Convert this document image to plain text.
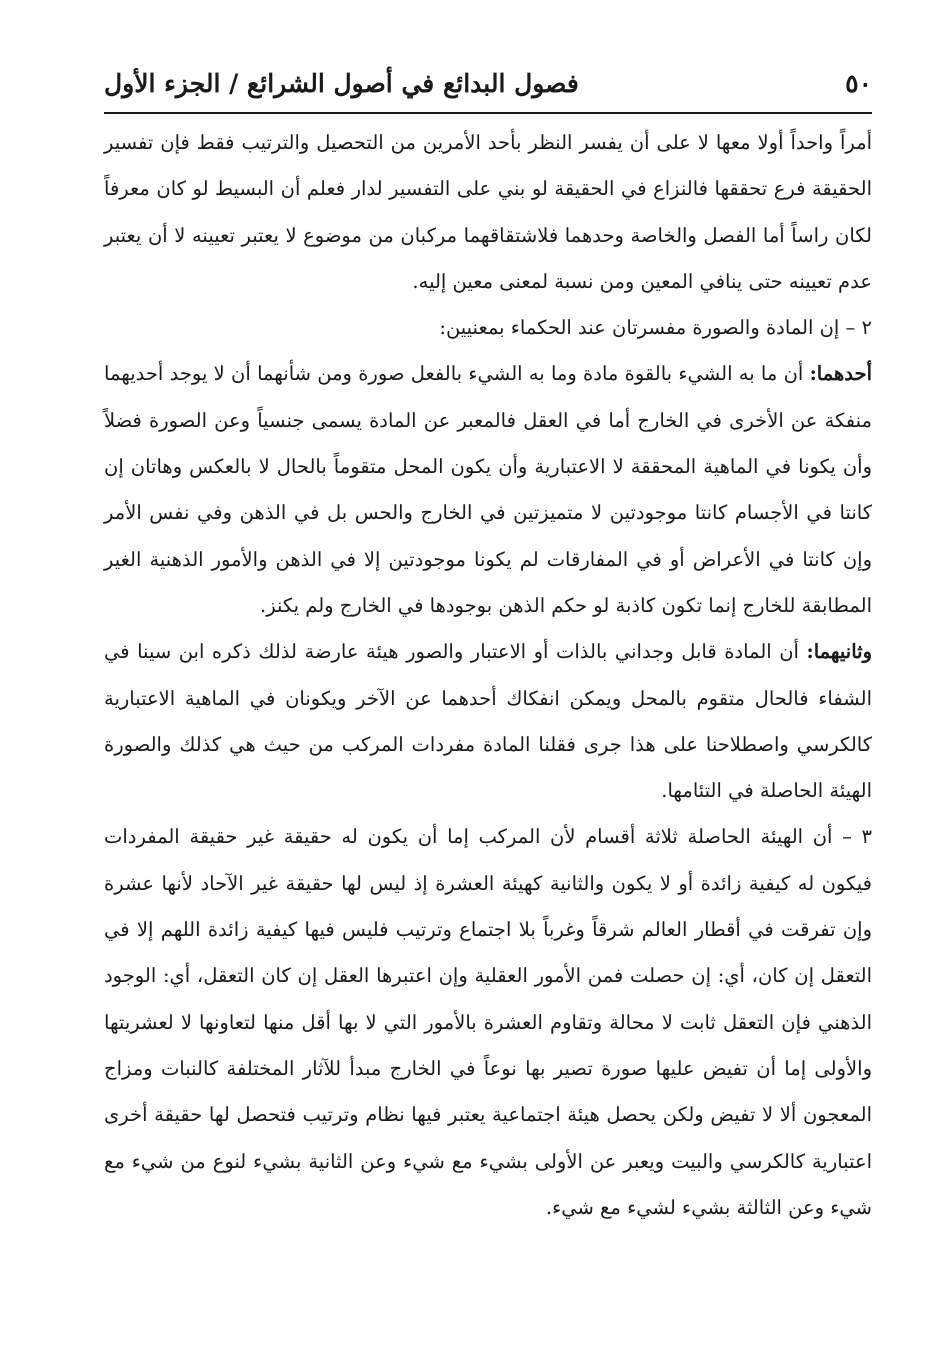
٥٠
فصول البدائع في أصول الشرائع / الجزء الأول

أمراً واحداً أولا معها لا على أن يفسر النظر بأحد الأمرين من التحصيل والترتيب فقط فإن تفسير الحقيقة فرع تحققها فالنزاع في الحقيقة لو بني على التفسير لدار فعلم أن البسيط لو كان معرفاً لكان راساً أما الفصل والخاصة وحدهما فلاشتقاقهما مركبان من موضوع لا يعتبر تعيينه لا أن يعتبر عدم تعيينه حتى ينافي المعين ومن نسبة لمعنى معين إليه.

٢ – إن المادة والصورة مفسرتان عند الحكماء بمعنيين:

أحدهما: أن ما به الشيء بالقوة مادة وما به الشيء بالفعل صورة ومن شأنهما أن لا يوجد أحديهما منفكة عن الأخرى في الخارج أما في العقل فالمعبر عن المادة يسمى جنسياً وعن الصورة فضلاً وأن يكونا في الماهية المحققة لا الاعتبارية وأن يكون المحل متقوماً بالحال لا بالعكس وهاتان إن كانتا في الأجسام كانتا موجودتين لا متميزتين في الخارج والحس بل في الذهن وفي نفس الأمر وإن كانتا في الأعراض أو في المفارقات لم يكونا موجودتين إلا في الذهن والأمور الذهنية الغير المطابقة للخارج إنما تكون كاذبة لو حكم الذهن بوجودها في الخارج ولم يكنز.

وثانيهما: أن المادة قابل وجداني بالذات أو الاعتبار والصور هيئة عارضة لذلك ذكره ابن سينا في الشفاء فالحال متقوم بالمحل ويمكن انفكاك أحدهما عن الآخر ويكونان في الماهية الاعتبارية كالكرسي واصطلاحنا على هذا جرى فقلنا المادة مفردات المركب من حيث هي كذلك والصورة الهيئة الحاصلة في التئامها.

٣ – أن الهيئة الحاصلة ثلاثة أقسام لأن المركب إما أن يكون له حقيقة غير حقيقة المفردات فيكون له كيفية زائدة أو لا يكون والثانية كهيئة العشرة إذ ليس لها حقيقة غير الآحاد لأنها عشرة وإن تفرقت في أقطار العالم شرقاً وغرباً بلا اجتماع وترتيب فليس فيها كيفية زائدة اللهم إلا في التعقل إن كان، أي: إن حصلت فمن الأمور العقلية وإن اعتبرها العقل إن كان التعقل، أي: الوجود الذهني فإن التعقل ثابت لا محالة وتقاوم العشرة بالأمور التي لا بها أقل منها لتعاونها لا لعشريتها والأولى إما أن تفيض عليها صورة تصير بها نوعاً في الخارج مبدأ للآثار المختلفة كالنبات ومزاج المعجون ألا لا تفيض ولكن يحصل هيئة اجتماعية يعتبر فيها نظام وترتيب فتحصل لها حقيقة أخرى اعتبارية كالكرسي والبيت ويعبر عن الأولى بشيء مع شيء وعن الثانية بشيء لنوع من شيء مع شيء وعن الثالثة بشيء لشيء مع شيء.
